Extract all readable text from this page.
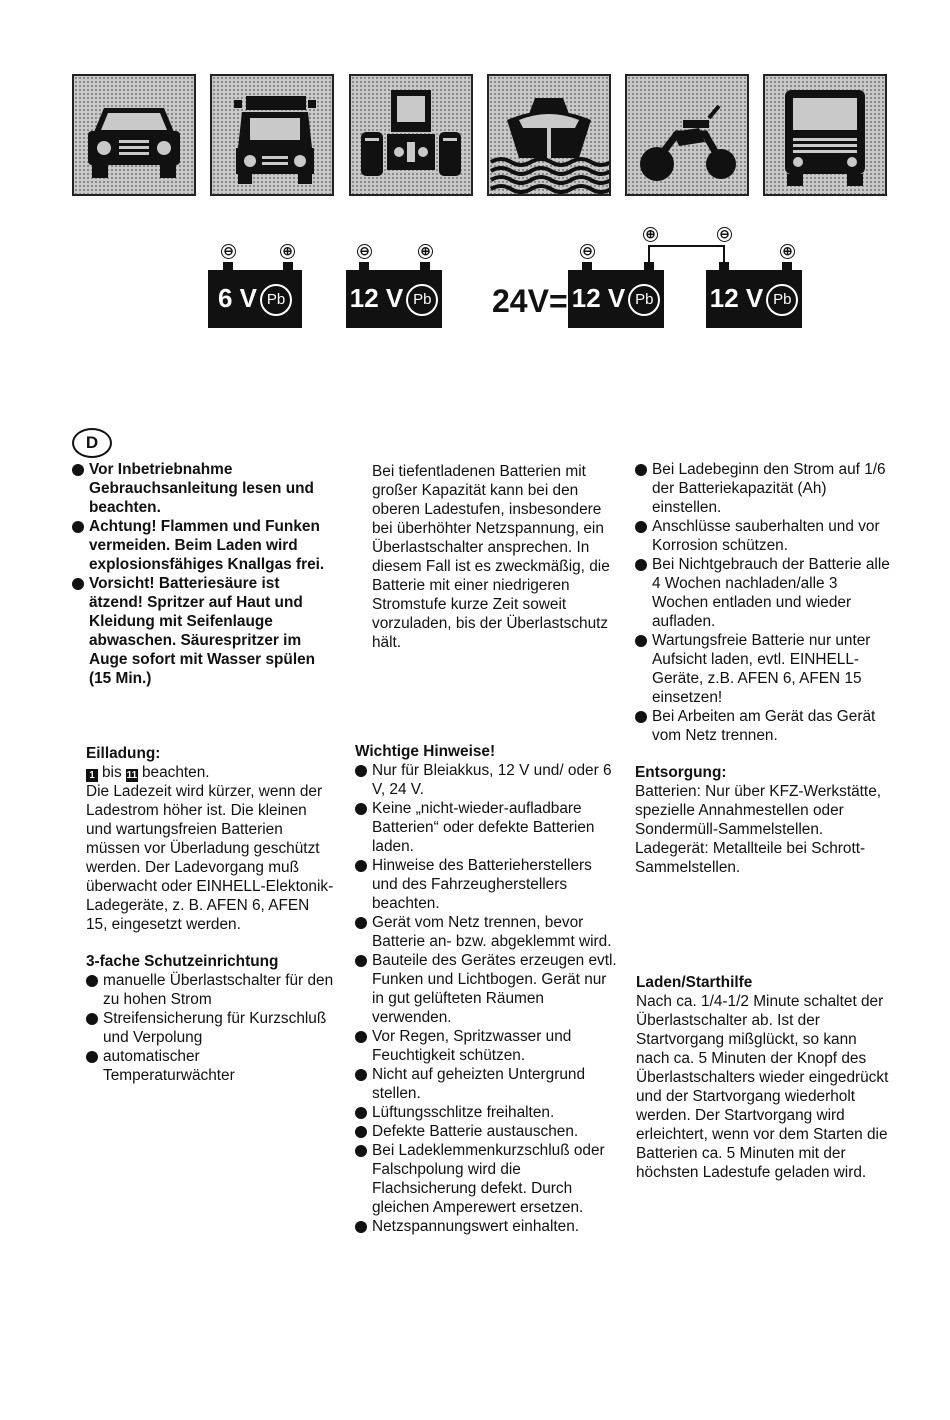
⊖	⊕
6 V Pb
⊖	⊕
12 V Pb	24V=
⊖
⊕	⊖
⊕
12 V Pb	12 V Pb
D
Vor Inbetriebnahme Gebrauchsanleitung lesen und beachten.
Achtung! Flammen und Funken vermeiden. Beim Laden wird explosionsfähiges Knallgas frei.
Vorsicht! Batteriesäure ist ätzend! Spritzer auf Haut und Kleidung mit Seifenlauge abwaschen. Säurespritzer im Auge sofort mit Wasser spülen (15 Min.)

Eilladung:

1 bis 11 beachten.

Die Ladezeit wird kürzer, wenn der Ladestrom höher ist. Die kleinen und wartungsfreien Batterien müssen vor Überladung geschützt werden. Der Ladevorgang muß überwacht oder EINHELL-Elektonik-Ladegeräte, z. B. AFEN 6, AFEN 15, eingesetzt werden.

3-fache Schutzeinrichtung

manuelle Überlastschalter für den zu hohen Strom
Streifensicherung für Kurzschluß und Verpolung
automatischer Temperaturwächter

Bei tiefentladenen Batterien mit großer Kapazität kann bei den oberen Ladestufen, insbesondere bei überhöhter Netzspannung, ein Überlastschalter ansprechen. In diesem Fall ist es zweckmäßig, die Batterie mit einer niedrigeren Stromstufe kurze Zeit soweit vorzuladen, bis der Überlastschutz hält.

Wichtige Hinweise!

Nur für Bleiakkus, 12 V und/ oder 6 V, 24 V.
Keine „nicht-wieder-aufladbare Batterien“ oder defekte Batterien laden.
Hinweise des Batterieherstellers und des Fahrzeugherstellers beachten.
Gerät vom Netz trennen, bevor Batterie an- bzw. abgeklemmt wird.
Bauteile des Gerätes erzeugen evtl. Funken und Lichtbogen. Gerät nur in gut gelüfteten Räumen verwenden.
Vor Regen, Spritzwasser und Feuchtigkeit schützen.
Nicht auf geheizten Untergrund stellen.
Lüftungsschlitze freihalten.
Defekte Batterie austauschen.
Bei Ladeklemmenkurzschluß oder Falschpolung wird die Flachsicherung defekt. Durch gleichen Amperewert ersetzen.
Netzspannungswert einhalten.
Bei Ladebeginn den Strom auf 1/6 der Batteriekapazität (Ah) einstellen.
Anschlüsse sauberhalten und vor Korrosion schützen.
Bei Nichtgebrauch der Batterie alle 4 Wochen nachladen/alle 3 Wochen entladen und wieder aufladen.
Wartungsfreie Batterie nur unter Aufsicht laden, evtl. EINHELL-Geräte, z.B. AFEN 6, AFEN 15 einsetzen!
Bei Arbeiten am Gerät das Gerät vom Netz trennen.

Entsorgung:

Batterien: Nur über KFZ-Werkstätte, spezielle Annahmestellen oder Sondermüll-Sammelstellen. Ladegerät: Metallteile bei Schrott-Sammelstellen.

Laden/Starthilfe

Nach ca. 1/4-1/2 Minute schaltet der Überlastschalter ab. Ist der Startvorgang mißglückt, so kann nach ca. 5 Minuten der Knopf des Überlastschalters wieder eingedrückt und der Startvorgang wiederholt werden. Der Startvorgang wird erleichtert, wenn vor dem Starten die Batterien ca. 5 Minuten mit der höchsten Ladestufe geladen wird.
